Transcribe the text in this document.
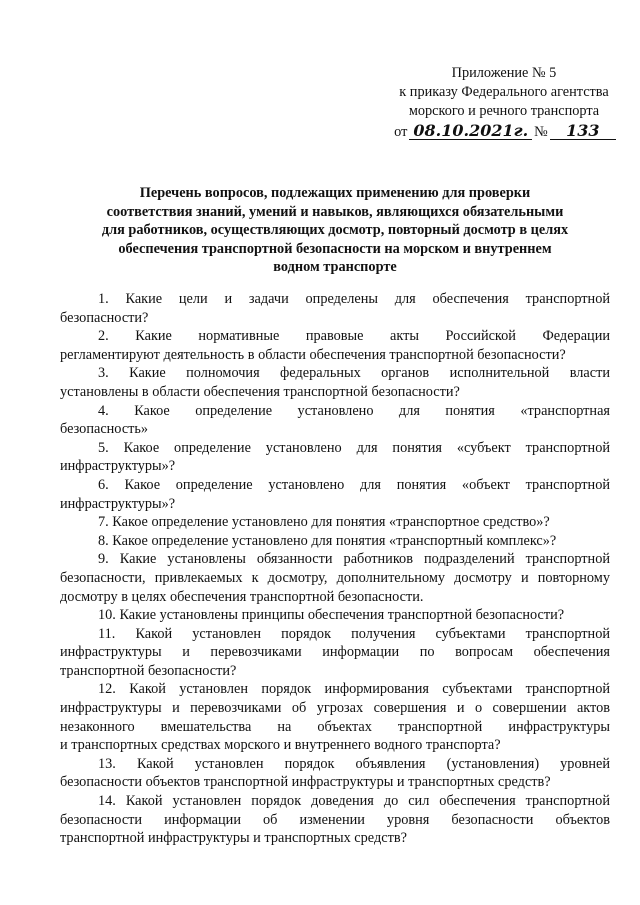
Приложение № 5
к приказу Федерального агентства
морского и речного транспорта
от 08.10.2021г. №	133
Перечень вопросов, подлежащих применению для проверки
соответствия знаний, умений и навыков, являющихся обязательными
для работников, осуществляющих досмотр, повторный досмотр в целях
обеспечения транспортной безопасности на морском и внутреннем
водном транспорте
1. Какие цели и задачи определены для обеспечения транспортной
безопасности?
2. Какие нормативные правовые акты Российской Федерации
регламентируют деятельность в области обеспечения транспортной безопасности?
3. Какие полномочия федеральных органов исполнительной власти
установлены в области обеспечения транспортной безопасности?
4. Какое определение установлено для понятия «транспортная
безопасность»
5. Какое определение установлено для понятия «субъект транспортной
инфраструктуры»?
6. Какое определение установлено для понятия «объект транспортной
инфраструктуры»?
7. Какое определение установлено для понятия «транспортное средство»?
8. Какое определение установлено для понятия «транспортный комплекс»?
9. Какие установлены обязанности работников подразделений транспортной
безопасности, привлекаемых к досмотру, дополнительному досмотру и повторному
досмотру в целях обеспечения транспортной безопасности.
10. Какие установлены принципы обеспечения транспортной безопасности?
11. Какой установлен порядок получения субъектами транспортной
инфраструктуры и перевозчиками информации по вопросам обеспечения
транспортной безопасности?
12. Какой установлен порядок информирования субъектами транспортной
инфраструктуры и перевозчиками об угрозах совершения и о совершении актов
незаконного вмешательства на объектах транспортной инфраструктуры
и транспортных средствах морского и внутреннего водного транспорта?
13. Какой установлен порядок объявления (установления) уровней
безопасности объектов транспортной инфраструктуры и транспортных средств?
14. Какой установлен порядок доведения до сил обеспечения транспортной
безопасности информации об изменении уровня безопасности объектов
транспортной инфраструктуры и транспортных средств?
